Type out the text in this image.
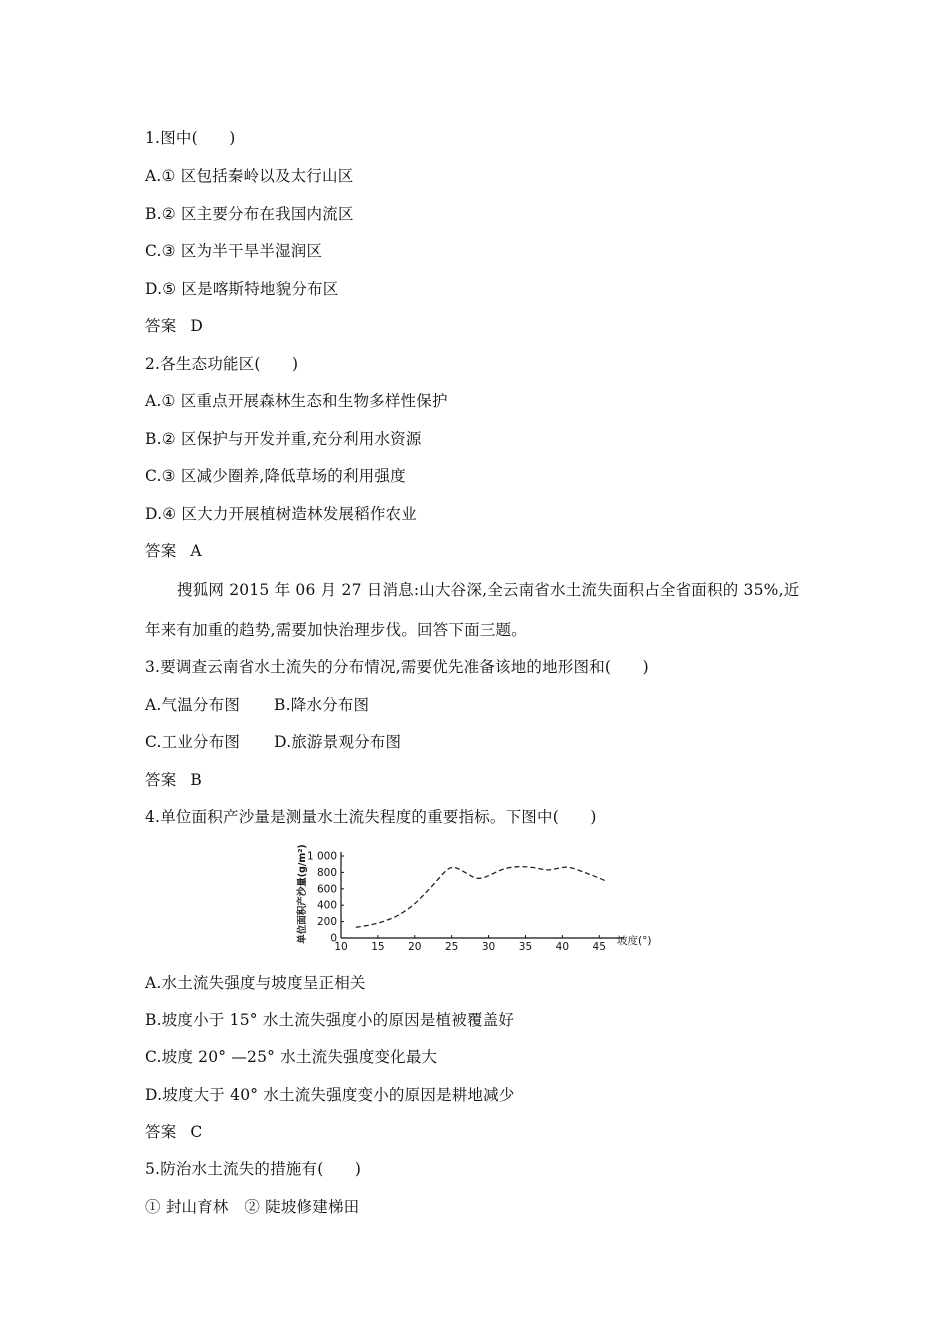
1.图中(　　)
A.① 区包括秦岭以及太行山区
B.② 区主要分布在我国内流区
C.③ 区为半干旱半湿润区
D.⑤ 区是喀斯特地貌分布区
答案 D
2.各生态功能区(　　)
A.① 区重点开展森林生态和生物多样性保护
B.② 区保护与开发并重,充分利用水资源
C.③ 区减少圈养,降低草场的利用强度
D.④ 区大力开展植树造林发展稻作农业
答案 A
搜狐网 2015 年 06 月 27 日消息:山大谷深,全云南省水土流失面积占全省面积的 35%,近
年来有加重的趋势,需要加快治理步伐。回答下面三题。
3.要调查云南省水土流失的分布情况,需要优先准备该地的地形图和(　　)
A.气温分布图 B.降水分布图
C.工业分布图 D.旅游景观分布图
答案 B
4.单位面积产沙量是测量水土流失程度的重要指标。下图中(　　)
0
200
400
600
800
1 000
10 15 20 25 30 35 40 45 坡度(°)
单位面积产沙量(g/m²)
A.水土流失强度与坡度呈正相关
B.坡度小于 15° 水土流失强度小的原因是植被覆盖好
C.坡度 20° —25° 水土流失强度变化最大
D.坡度大于 40° 水土流失强度变小的原因是耕地减少
答案 C
5.防治水土流失的措施有(　　)
① 封山育林　② 陡坡修建梯田
